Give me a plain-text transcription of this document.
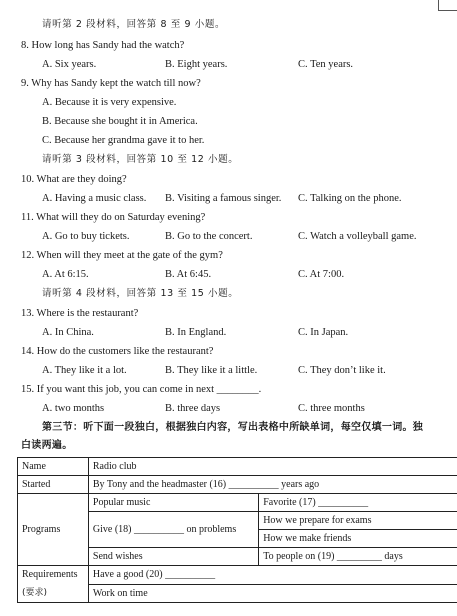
请听第 2 段材料，回答第 8 至 9 小题。
8. How long has Sandy had the watch?
A. Six years.	B. Eight years.	C. Ten years.
9. Why has Sandy kept the watch till now?
A. Because it is very expensive.
B. Because she bought it in America.
C. Because her grandma gave it to her.
请听第 3 段材料，回答第 10 至 12 小题。
10. What are they doing?
A. Having a music class. B. Visiting a famous singer. C. Talking on the phone.
11. What will they do on Saturday evening?
A. Go to buy tickets.	B. Go to the concert.	C. Watch a volleyball game.
12. When will they meet at the gate of the gym?
A. At 6:15.	B. At 6:45.	C. At 7:00.
请听第 4 段材料，回答第 13 至 15 小题。
13. Where is the restaurant?
A. In China.	B. In England.	C. In Japan.
14. How do the customers like the restaurant?
A. They like it a lot.	B. They like it a little.	C. They don’t like it.
15. If you want this job, you can come in next ________.
A. two months	B. three days	C. three months
第三节：听下面一段独白，根据独白内容，写出表格中所缺单词，每空仅填一词。独
白读两遍。
Name	Radio club	
Started	By Tony and the headmaster (16) __________ years ago	
Programs	Popular music	Favorite (17) __________
	Give (18) __________ on problems	How we prepare for exams
		How we make friends
	Send wishes	To people on (19) _________ days
Requirements
(要求)	Have a good (20) __________	
	Work on time	
